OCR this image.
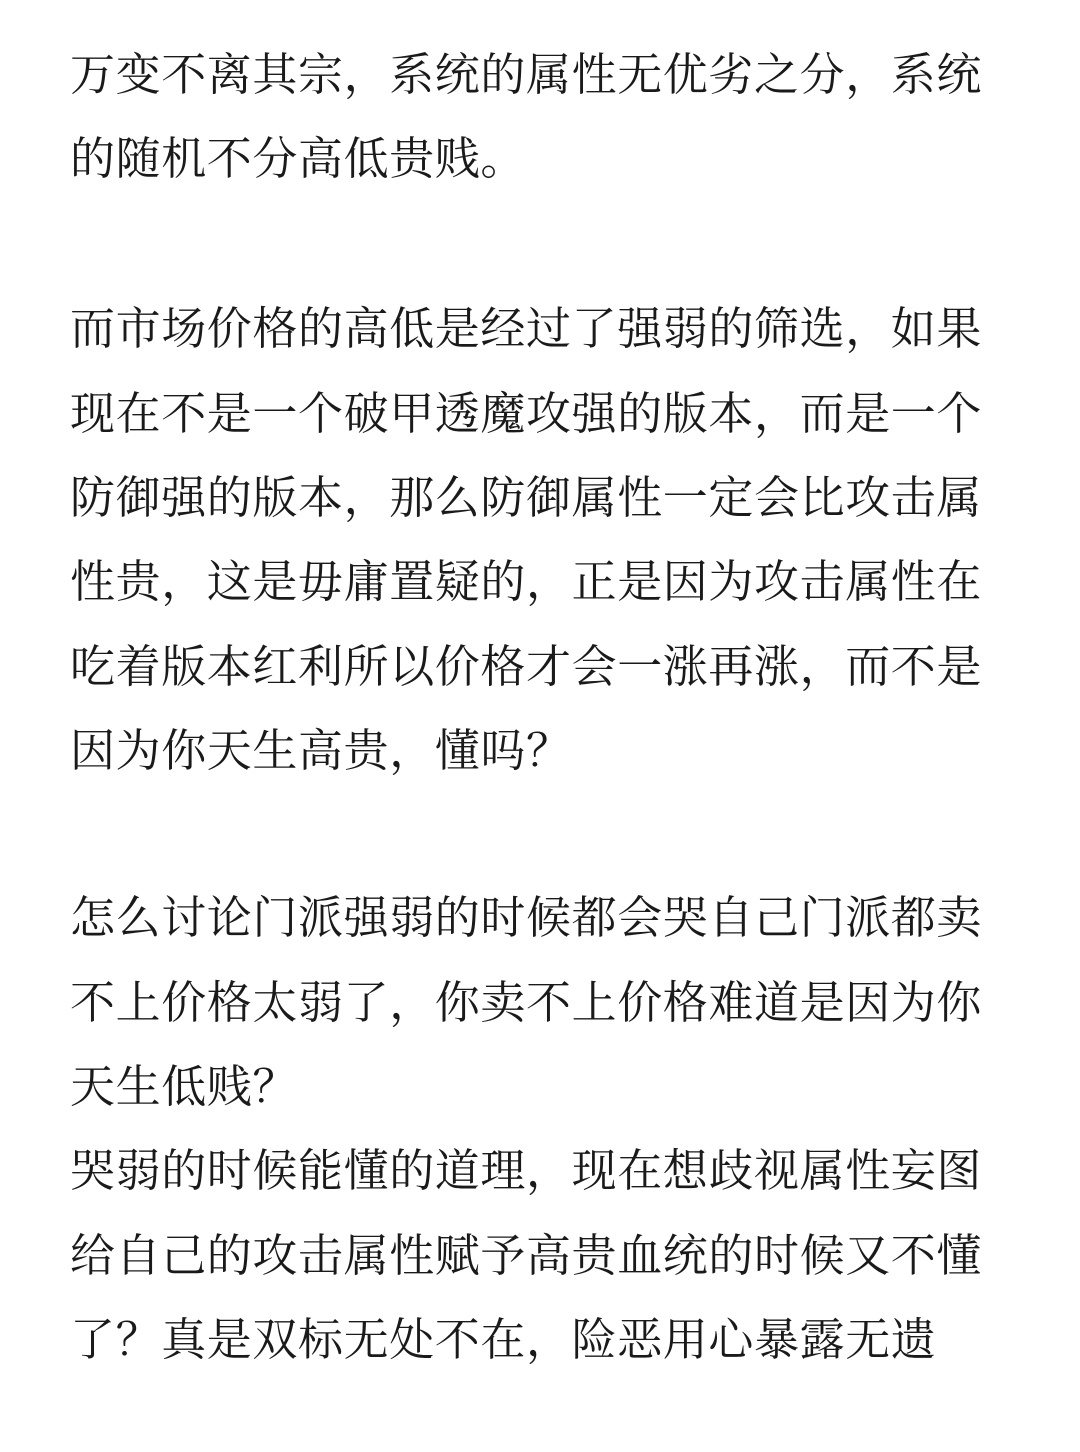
万变不离其宗，系统的属性无优劣之分，系统
的随机不分高低贵贱。
而市场价格的高低是经过了强弱的筛选，如果
现在不是一个破甲透魔攻强的版本，而是一个
防御强的版本，那么防御属性一定会比攻击属
性贵，这是毋庸置疑的，正是因为攻击属性在
吃着版本红利所以价格才会一涨再涨，而不是
因为你天生高贵，懂吗？
怎么讨论门派强弱的时候都会哭自己门派都卖
不上价格太弱了，你卖不上价格难道是因为你
天生低贱？
哭弱的时候能懂的道理，现在想歧视属性妄图
给自己的攻击属性赋予高贵血统的时候又不懂
了？真是双标无处不在，险恶用心暴露无遗
